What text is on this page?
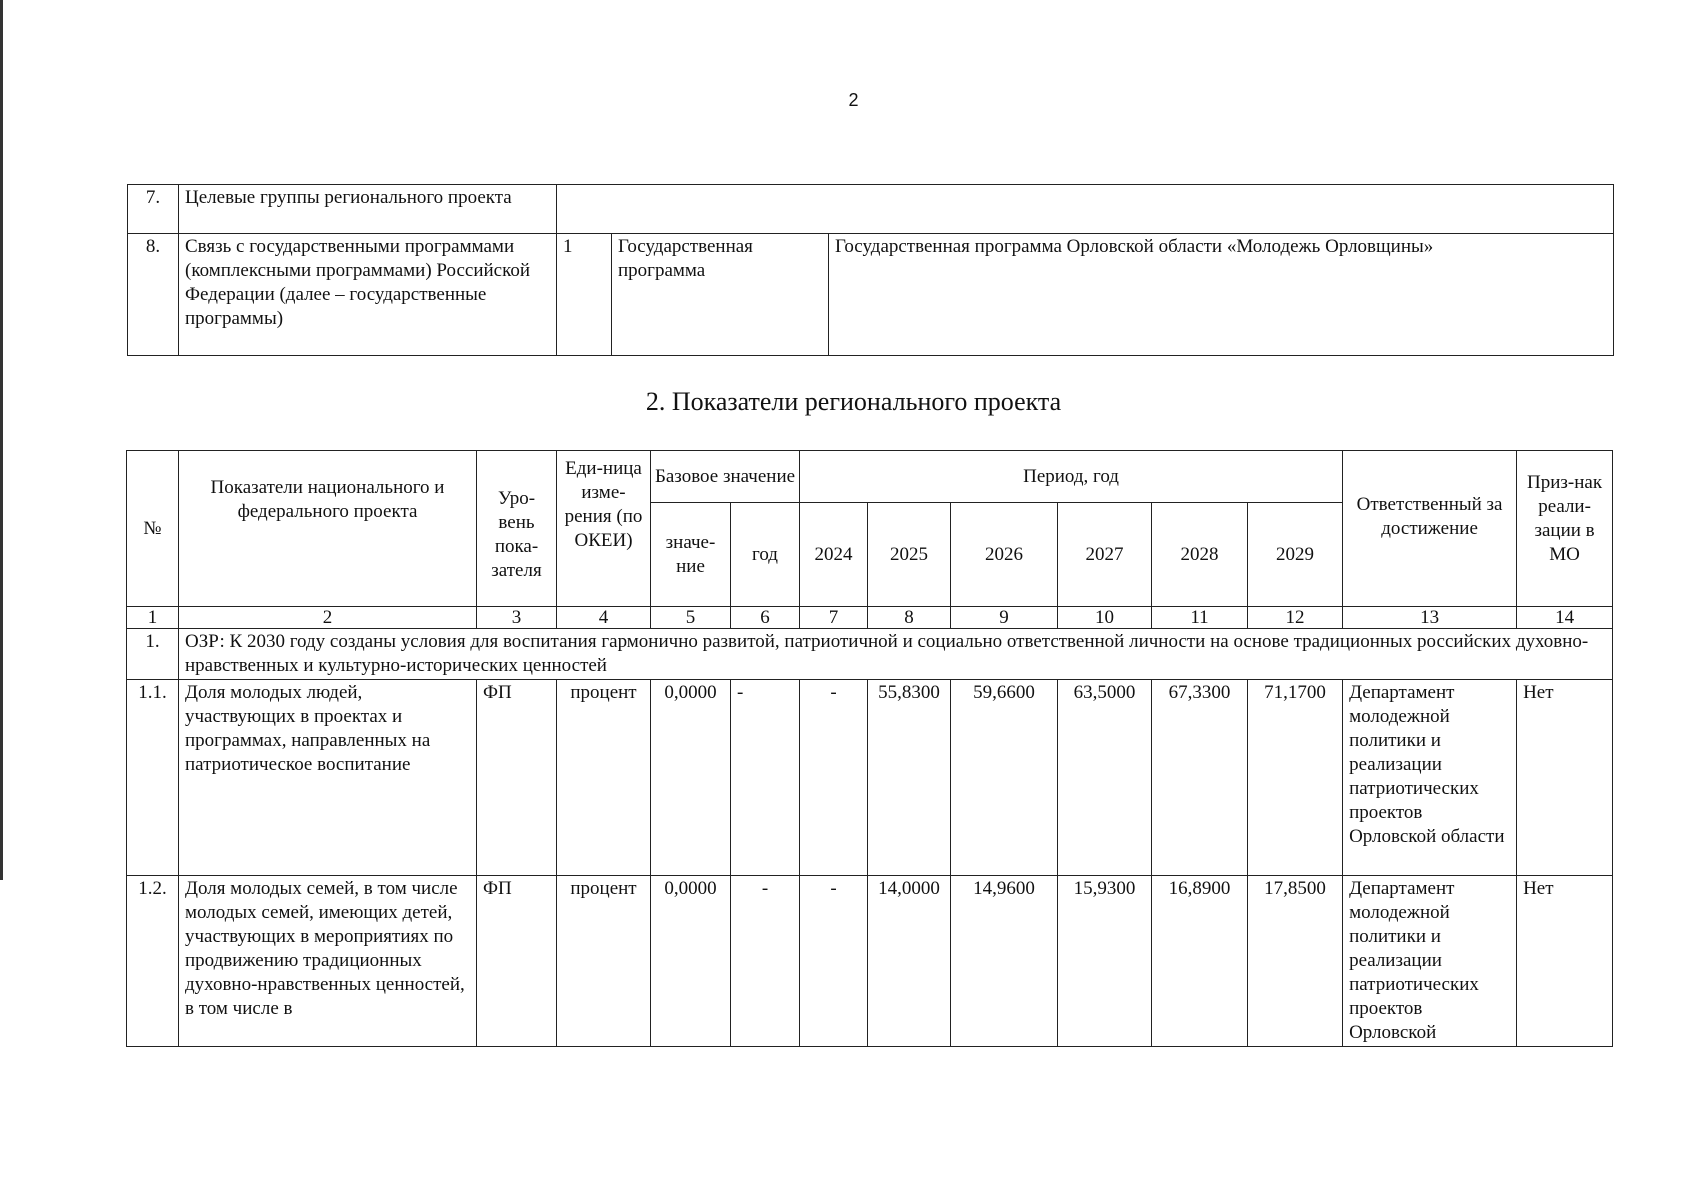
2
7.	Целевые группы регионального проекта			
8.	Связь с государственными программами (комплексными программами) Российской Федерации (далее – государственные программы)	1	Государственная программа	Государственная программа Орловской области «Молодежь Орловщины»
2. Показатели регионального проекта
№	Показатели национального и федерального проекта	Уро-вень пока-зателя	Еди-ница изме-рения (по ОКЕИ)	Базовое значение		Период, год						Ответственный за достижение	Приз-нак реали-зации в МО
				значе-ние	год	2024	2025	2026	2027	2028	2029		
1	2	3	4	5	6	7	8	9	10	11	12	13	14
1.	ОЗР: К 2030 году созданы условия для воспитания гармонично развитой, патриотичной и социально ответственной личности на основе традиционных российских духовно-нравственных и культурно-исторических ценностей												
1.1.	Доля молодых людей, участвующих в проектах и программах, направленных на патриотическое воспитание	ФП	процент	0,0000	-	-	55,8300	59,6600	63,5000	67,3300	71,1700	Департамент молодежной политики и реализации патриотических проектов Орловской области	Нет
1.2.	Доля молодых семей, в том числе молодых семей, имеющих детей, участвующих в мероприятиях по продвижению традиционных духовно-нравственных ценностей, в том числе в	ФП	процент	0,0000	-	-	14,0000	14,9600	15,9300	16,8900	17,8500	Департамент молодежной политики и реализации патриотических проектов Орловской	Нет
